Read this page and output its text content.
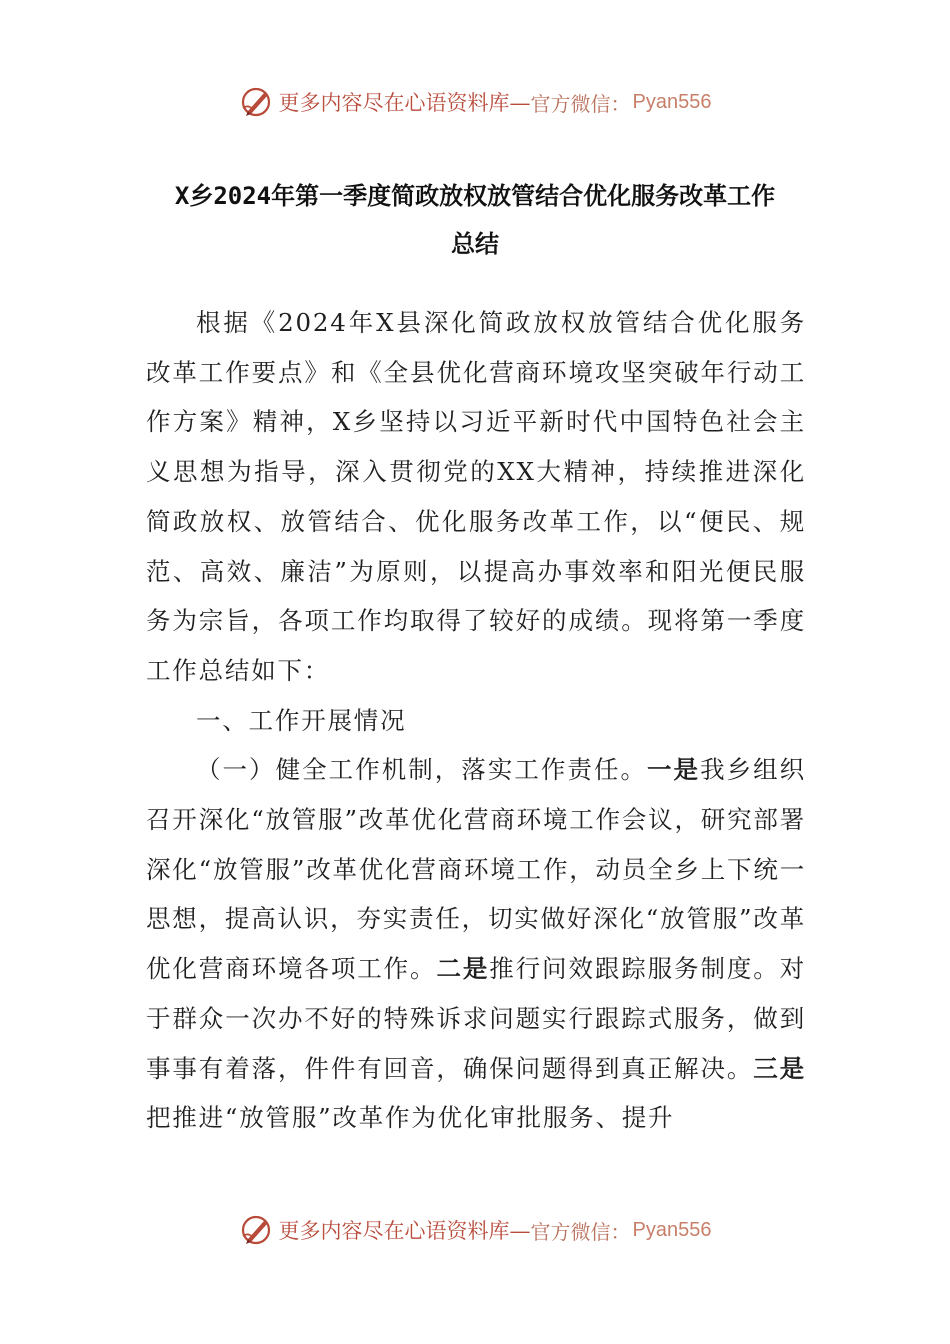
更多内容尽在心语资料库— 官方微信： Pyan556
X乡2024年第一季度简政放权放管结合优化服务改革工作
总结

根据《2024年X县深化简政放权放管结合优化服务改革工作要点》和《全县优化营商环境攻坚突破年行动工作方案》精神，X乡坚持以习近平新时代中国特色社会主义思想为指导，深入贯彻党的XX大精神，持续推进深化简政放权、放管结合、优化服务改革工作，以“便民、规范、高效、廉洁”为原则，以提高办事效率和阳光便民服务为宗旨，各项工作均取得了较好的成绩。现将第一季度工作总结如下：

一、工作开展情况

（一）健全工作机制，落实工作责任。一是我乡组织召开深化“放管服”改革优化营商环境工作会议，研究部署深化“放管服”改革优化营商环境工作，动员全乡上下统一思想，提高认识，夯实责任，切实做好深化“放管服”改革优化营商环境各项工作。二是推行问效跟踪服务制度。对于群众一次办不好的特殊诉求问题实行跟踪式服务，做到事事有着落，件件有回音，确保问题得到真正解决。三是把推进“放管服”改革作为优化审批服务、提升

更多内容尽在心语资料库— 官方微信： Pyan556
